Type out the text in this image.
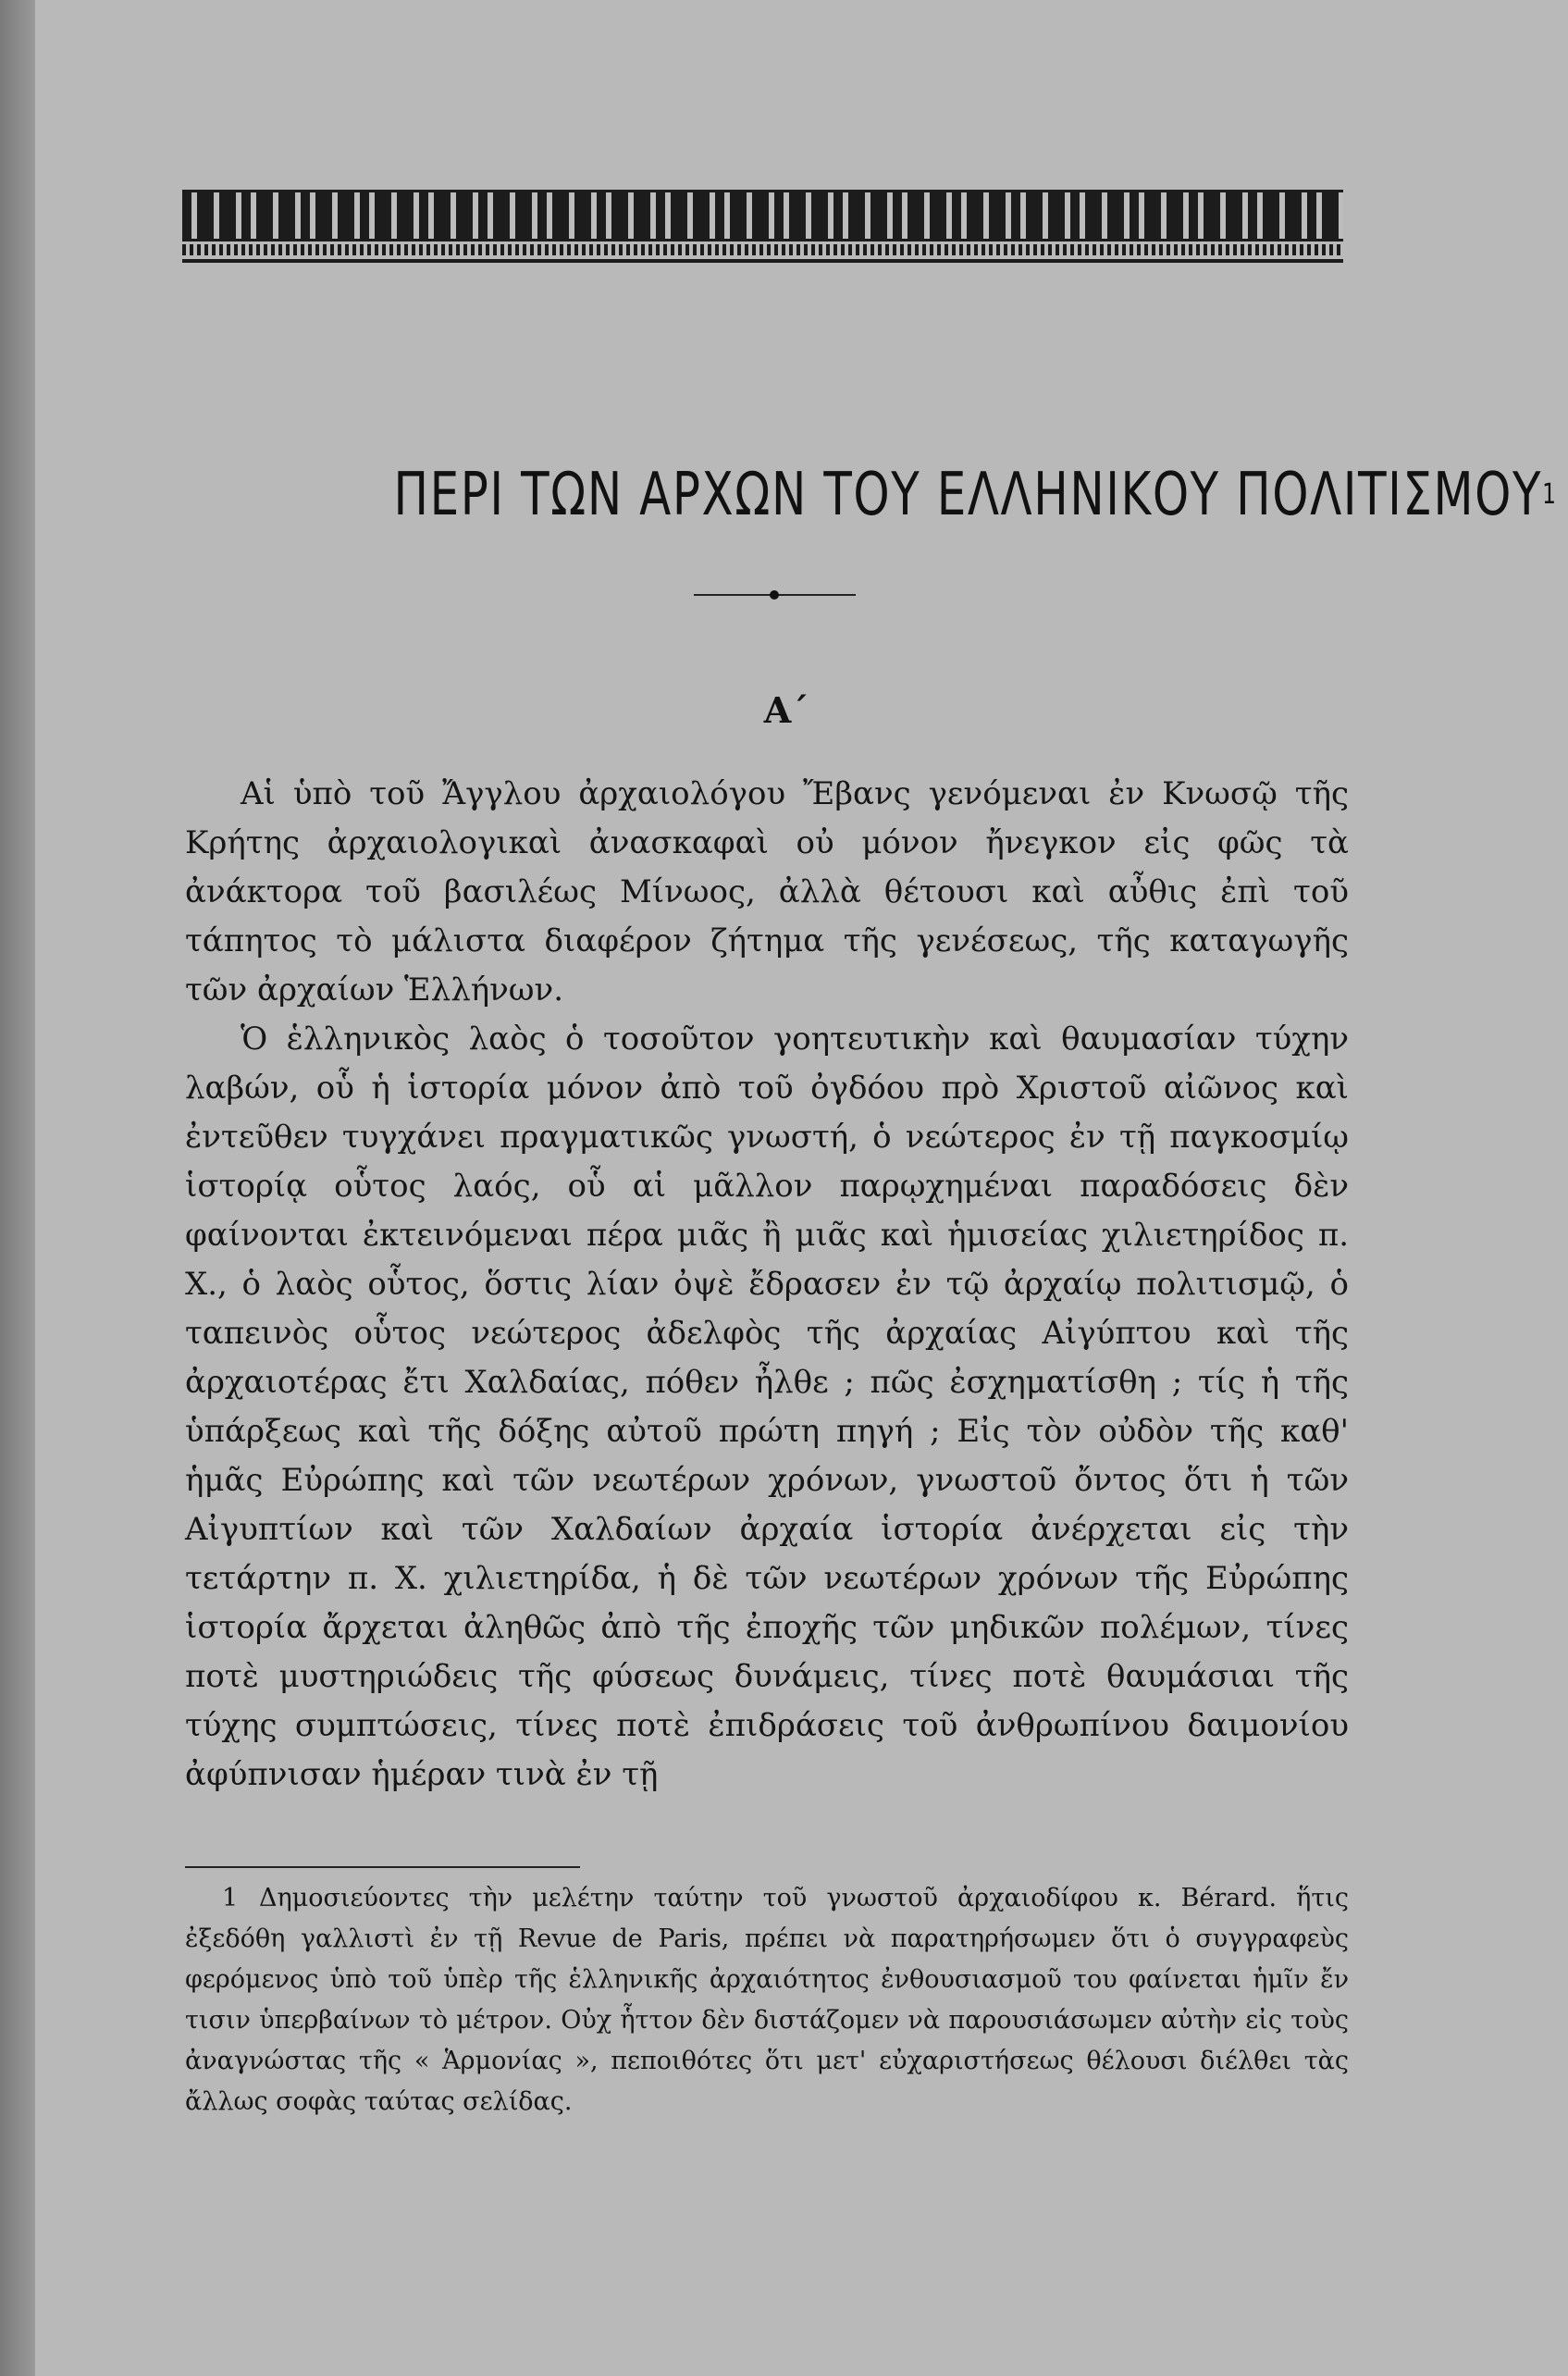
ΠΕΡΙ ΤΩΝ ΑΡΧΩΝ ΤΟΥ ΕΛΛΗΝΙΚΟΥ ΠΟΛΙΤΙΣΜΟΥ$^1$
Α΄

Αἱ ὑπὸ τοῦ Ἄγγλου ἀρχαιολόγου Ἔβανς γενόμεναι ἐν Κνωσῷ τῆς Κρήτης ἀρχαιολογικαὶ ἀνασκαφαὶ οὐ μόνον ἤνεγκον εἰς φῶς τὰ ἀνάκτορα τοῦ βασιλέως Μίνωος, ἀλλὰ θέτουσι καὶ αὖθις ἐπὶ τοῦ τάπητος τὸ μάλιστα διαφέρον ζήτημα τῆς γενέσεως, τῆς καταγωγῆς τῶν ἀρχαίων Ἑλλήνων.

Ὁ ἑλληνικὸς λαὸς ὁ τοσοῦτον γοητευτικὴν καὶ θαυμασίαν τύχην λαβών, οὗ ἡ ἱστορία μόνον ἀπὸ τοῦ ὀγδόου πρὸ Χριστοῦ αἰῶνος καὶ ἐντεῦθεν τυγχάνει πραγματικῶς γνωστή, ὁ νεώτερος ἐν τῇ παγκοσμίῳ ἱστορίᾳ οὗτος λαός, οὗ αἱ μᾶλλον παρῳχημέναι παραδόσεις δὲν φαίνονται ἐκτεινόμεναι πέρα μιᾶς ἢ μιᾶς καὶ ἡμισείας χιλιετηρίδος π. Χ., ὁ λαὸς οὗτος, ὅστις λίαν ὀψὲ ἔδρασεν ἐν τῷ ἀρχαίῳ πολιτισμῷ, ὁ ταπεινὸς οὗτος νεώτερος ἀδελφὸς τῆς ἀρχαίας Αἰγύπτου καὶ τῆς ἀρχαιοτέρας ἔτι Χαλδαίας, πόθεν ἦλθε ; πῶς ἐσχηματίσθη ; τίς ἡ τῆς ὑπάρξεως καὶ τῆς δόξης αὐτοῦ πρώτη πηγή ; Εἰς τὸν οὐδὸν τῆς καθ' ἡμᾶς Εὐρώπης καὶ τῶν νεωτέρων χρόνων, γνωστοῦ ὄντος ὅτι ἡ τῶν Αἰγυπτίων καὶ τῶν Χαλδαίων ἀρχαία ἱστορία ἀνέρχεται εἰς τὴν τετάρτην π. Χ. χιλιετηρίδα, ἡ δὲ τῶν νεωτέρων χρόνων τῆς Εὐρώπης ἱστορία ἄρχεται ἀληθῶς ἀπὸ τῆς ἐποχῆς τῶν μηδικῶν πολέμων, τίνες ποτὲ μυστηριώδεις τῆς φύσεως δυνάμεις, τίνες ποτὲ θαυμάσιαι τῆς τύχης συμπτώσεις, τίνες ποτὲ ἐπιδράσεις τοῦ ἀνθρωπίνου δαιμονίου ἀφύπνισαν ἡμέραν τινὰ ἐν τῇ

1 Δημοσιεύοντες τὴν μελέτην ταύτην τοῦ γνωστοῦ ἀρχαιοδίφου κ. Bérard. ἥτις ἐξεδόθη γαλλιστὶ ἐν τῇ Revue de Paris, πρέπει νὰ παρατηρήσωμεν ὅτι ὁ συγγραφεὺς φερόμενος ὑπὸ τοῦ ὑπὲρ τῆς ἑλληνικῆς ἀρχαιότητος ἐνθουσιασμοῦ του φαίνεται ἡμῖν ἔν τισιν ὑπερβαίνων τὸ μέτρον. Οὐχ ἧττον δὲν διστάζομεν νὰ παρουσιάσωμεν αὐτὴν εἰς τοὺς ἀναγνώστας τῆς « Ἁρμονίας », πεποιθότες ὅτι μετ' εὐχαριστήσεως θέλουσι διέλθει τὰς ἄλλως σοφὰς ταύτας σελίδας.
